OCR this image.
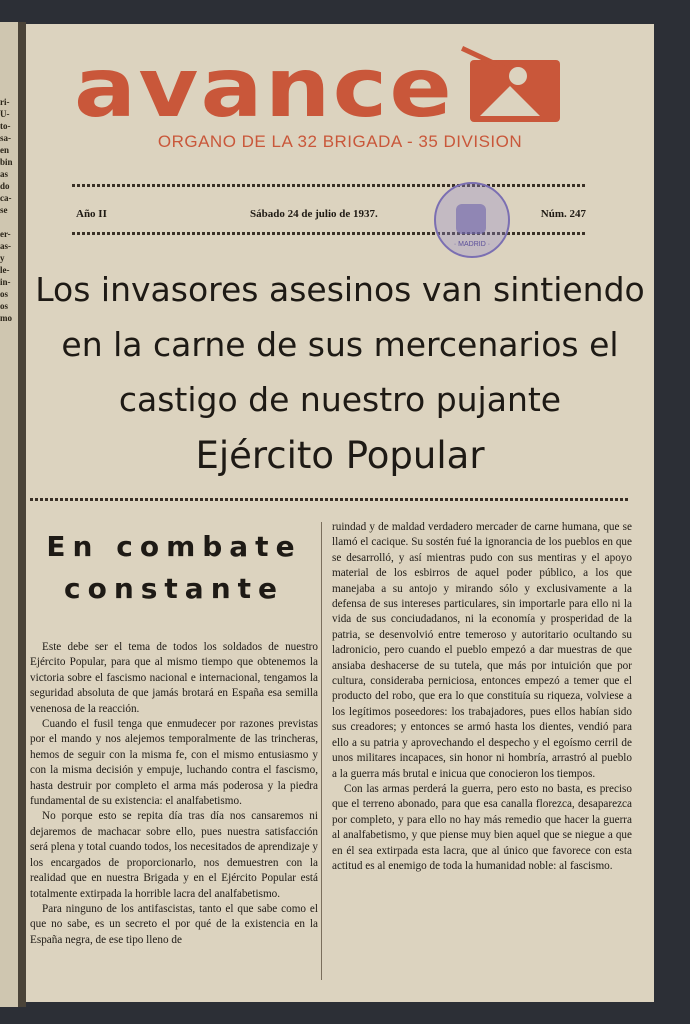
ri-
U-
to-
sa-
en
bin
as
do
ca-
se
er-
as-
y
le-
in-
os
os
mo
avance
ORGANO DE LA 32 BRIGADA - 35 DIVISION
Año II	Sábado 24 de julio de 1937.	Núm. 247
· MADRID ·
Los invasores asesinos van sintiendo
en la carne de sus mercenarios el
castigo de nuestro pujante
Ejército Popular
En combate
constante

Este debe ser el tema de todos los soldados de nuestro Ejército Popular, para que al mismo tiempo que obtenemos la victoria sobre el fascismo nacional e internacional, tengamos la seguridad absoluta de que jamás brotará en España esa semilla venenosa de la reacción.

Cuando el fusil tenga que enmudecer por razones previstas por el mando y nos alejemos temporalmente de las trincheras, hemos de seguir con la misma fe, con el mismo entusiasmo y con la misma decisión y empuje, luchando contra el fascismo, hasta destruir por completo el arma más poderosa y la piedra fundamental de su existencia: el analfabetismo.

No porque esto se repita día tras día nos cansaremos ni dejaremos de machacar sobre ello, pues nuestra satisfacción será plena y total cuando todos, los necesitados de aprendizaje y los encargados de proporcionarlo, nos demuestren con la realidad que en nuestra Brigada y en el Ejército Popular está totalmente extirpada la horrible lacra del analfabetismo.

Para ninguno de los antifascistas, tanto el que sabe como el que no sabe, es un secreto el por qué de la existencia en la España negra, de ese tipo lleno de

ruindad y de maldad verdadero mercader de carne humana, que se llamó el cacique. Su sostén fué la ignorancia de los pueblos en que se desarrolló, y así mientras pudo con sus mentiras y el apoyo material de los esbirros de aquel poder público, a los que manejaba a su antojo y mirando sólo y exclusivamente a la defensa de sus intereses particulares, sin importarle para ello ni la vida de sus conciudadanos, ni la economía y prosperidad de la patria, se desenvolvió entre temeroso y autoritario ocultando su ladronicio, pero cuando el pueblo empezó a dar muestras de que ansiaba deshacerse de su tutela, que más por intuición que por cultura, consideraba perniciosa, entonces empezó a temer que el producto del robo, que era lo que constituía su riqueza, volviese a los legítimos poseedores: los trabajadores, pues ellos habían sido sus creadores; y entonces se armó hasta los dientes, vendió para ello a su patria y aprovechando el despecho y el egoísmo cerril de unos militares incapaces, sin honor ni hombría, arrastró al pueblo a la guerra más brutal e inicua que conocieron los tiempos.

Con las armas perderá la guerra, pero esto no basta, es preciso que el terreno abonado, para que esa canalla florezca, desaparezca por completo, y para ello no hay más remedio que hacer la guerra al analfabetismo, y que piense muy bien aquel que se niegue a que en él sea extirpada esta lacra, que al único que favorece con esta actitud es al enemigo de toda la humanidad noble: al fascismo.
